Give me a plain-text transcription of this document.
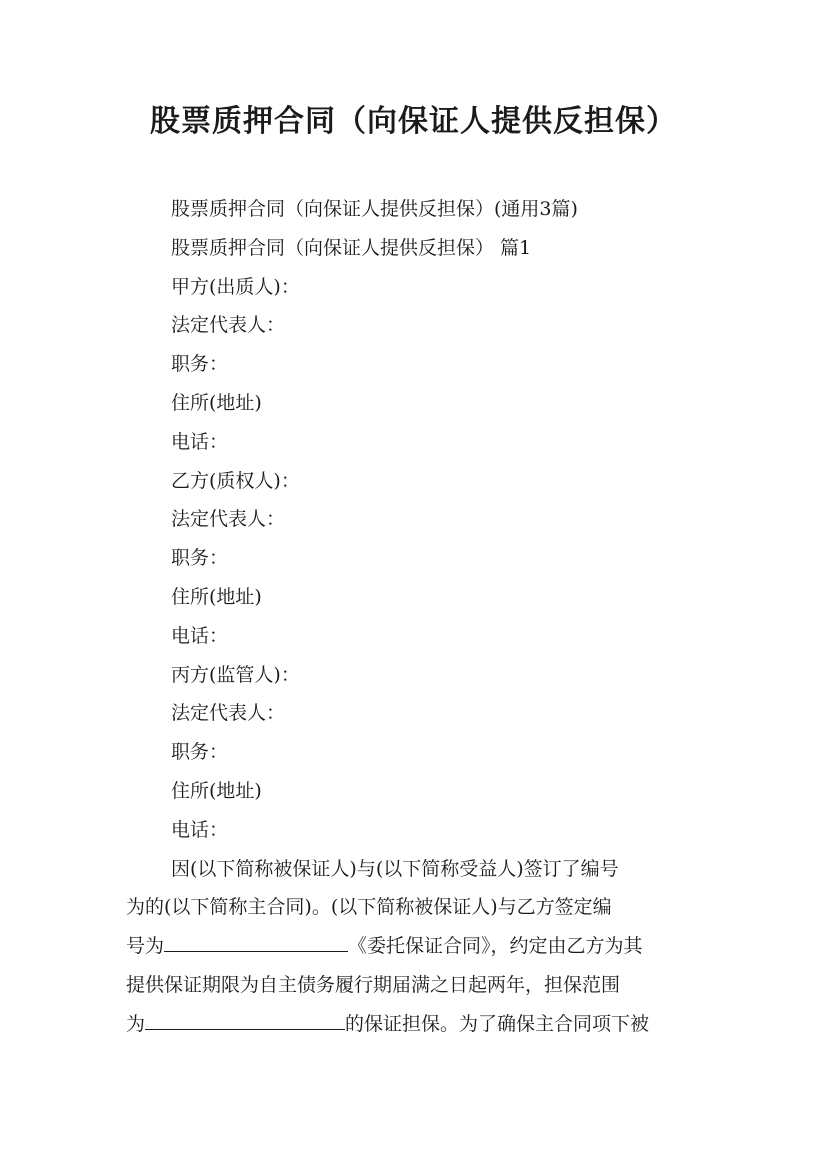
股票质押合同（向保证人提供反担保）

股票质押合同（向保证人提供反担保）(通用3篇)

股票质押合同（向保证人提供反担保） 篇1

甲方(出质人)：

法定代表人：

职务：

住所(地址)

电话：

乙方(质权人)：

法定代表人：

职务：

住所(地址)

电话：

丙方(监管人)：

法定代表人：

职务：

住所(地址)

电话：

因(以下简称被保证人)与(以下简称受益人)签订了编号

为的(以下简称主合同)。(以下简称被保证人)与乙方签定编

号为	《委托保证合同》，约定由乙方为其

提供保证期限为自主债务履行期届满之日起两年，担保范围

为	的保证担保。为了确保主合同项下被
